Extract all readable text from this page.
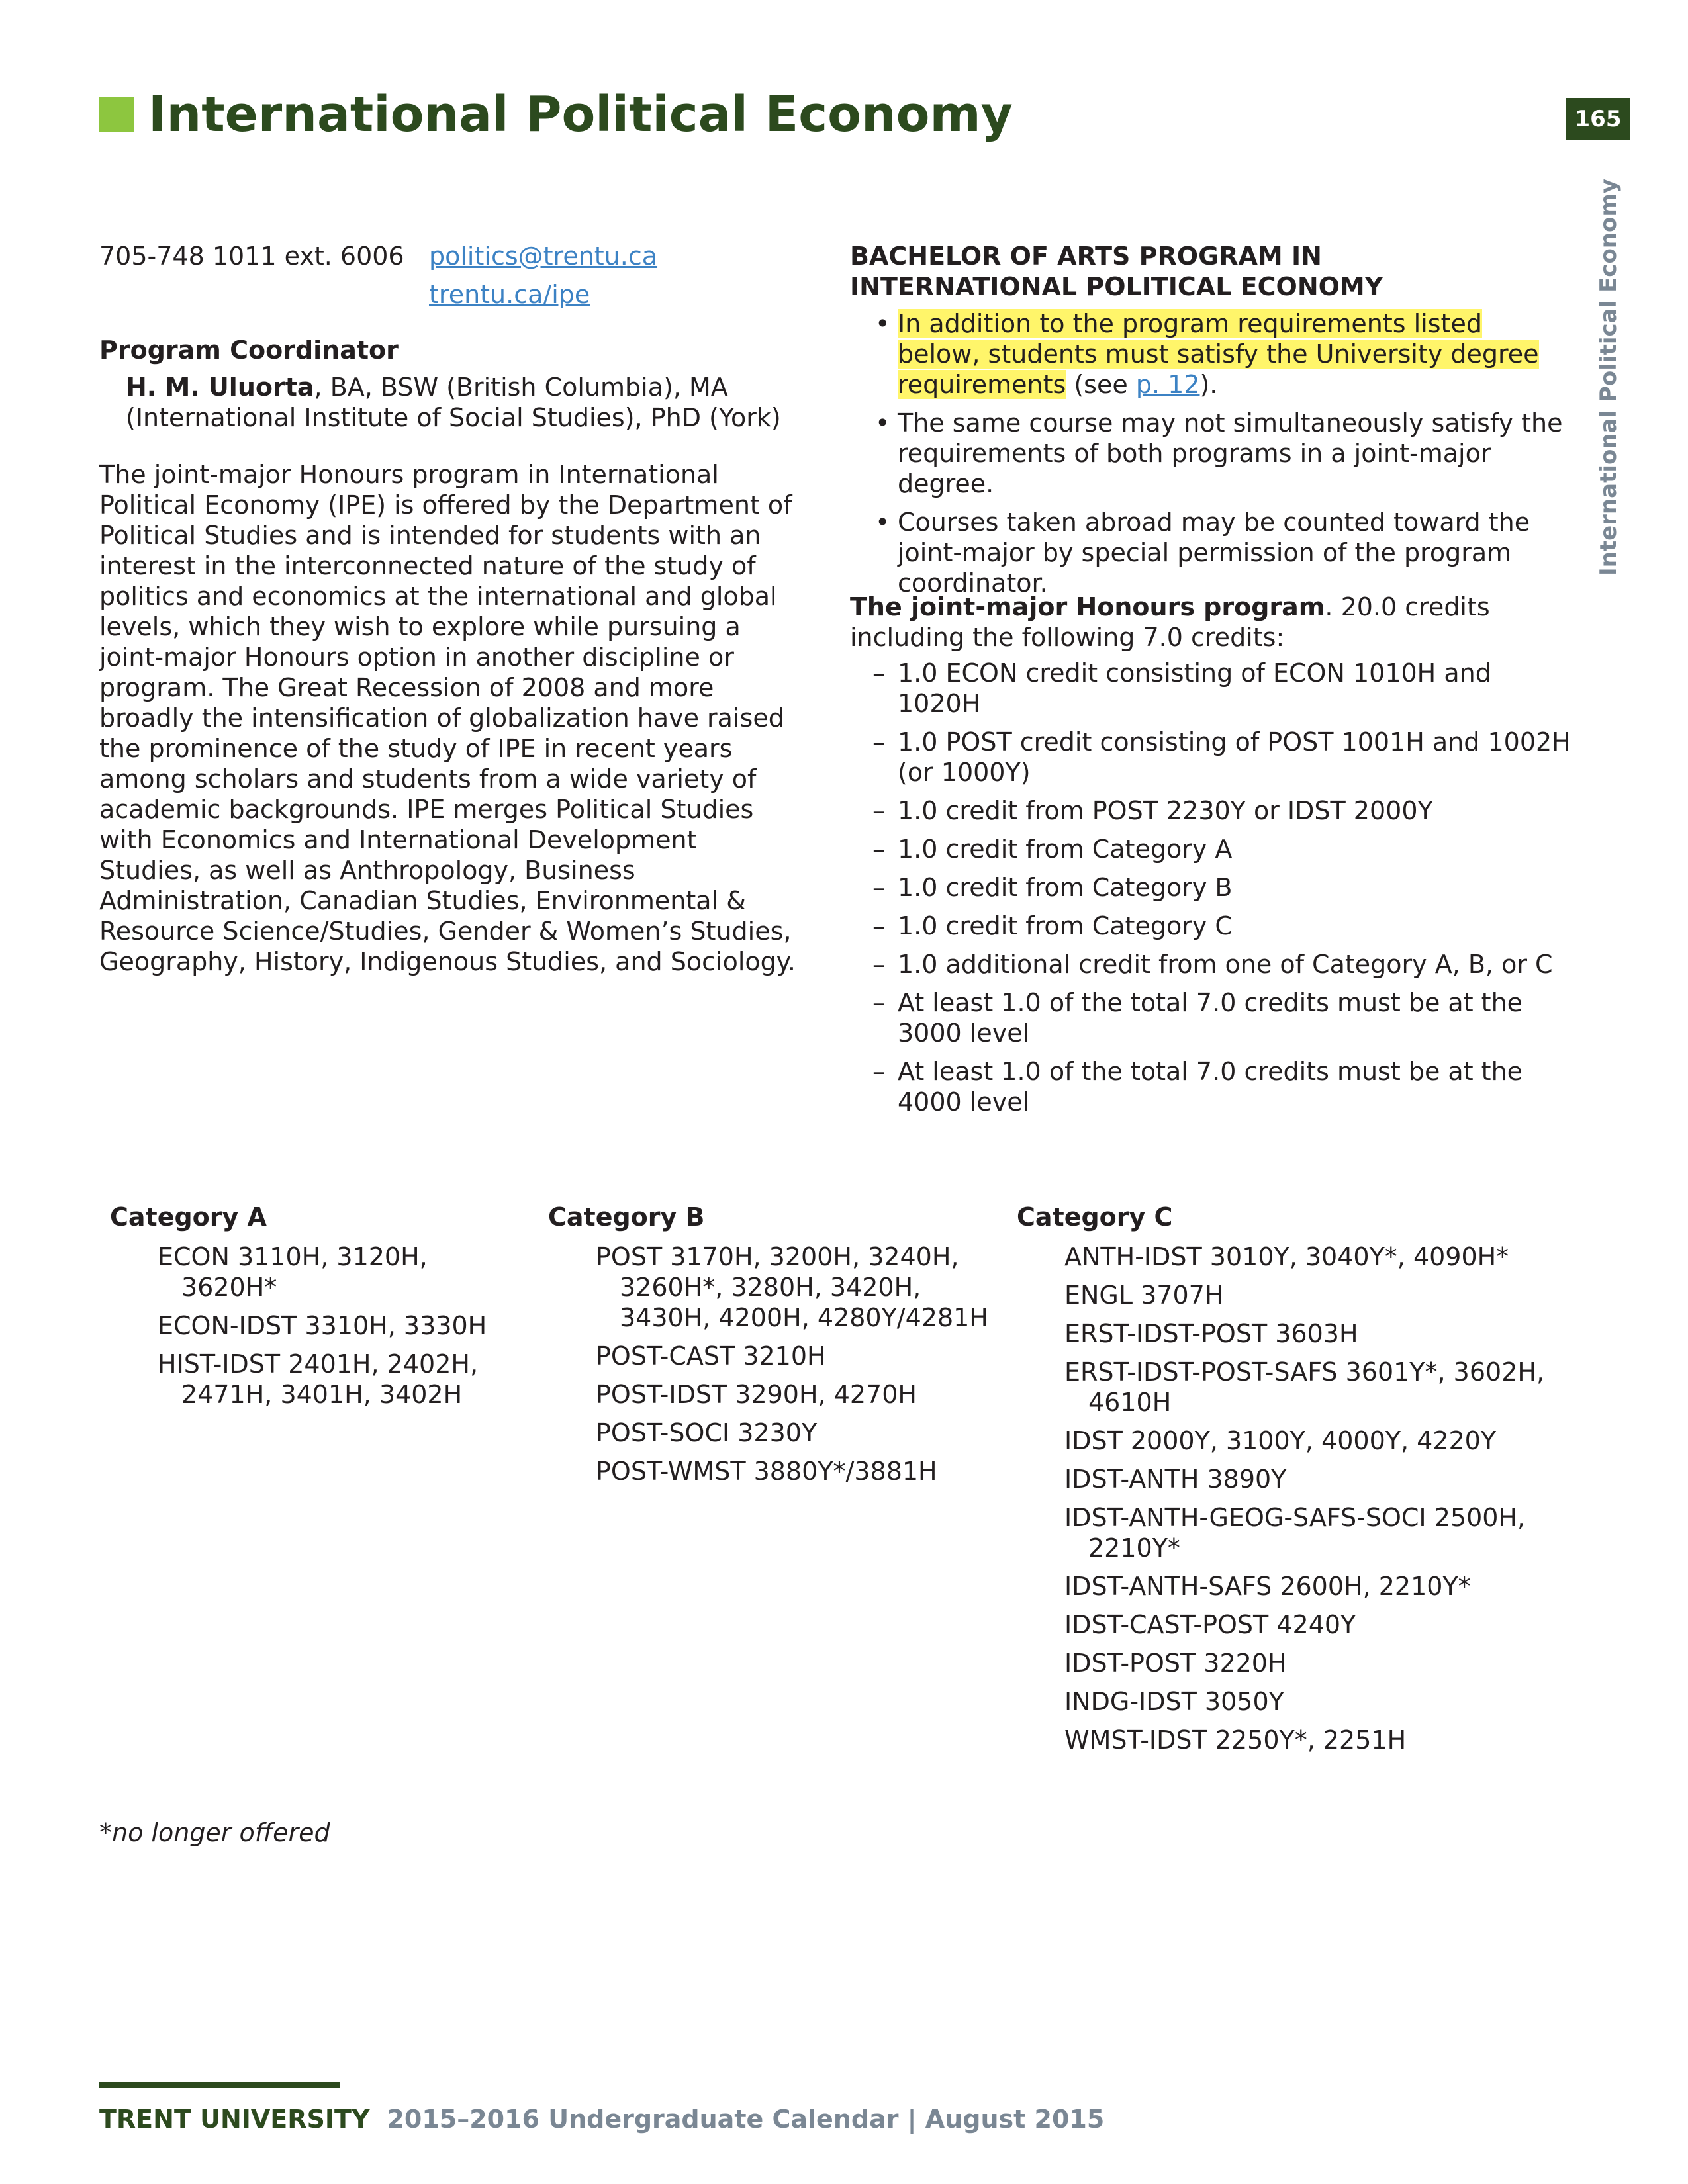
International Political Economy	165
International Political Economy
705-748 1011 ext. 6006 politics@trentu.ca
trentu.ca/ipe
Program Coordinator
H. M. Uluorta, BA, BSW (British Columbia), MA (International Institute of Social Studies), PhD (York)
The joint-major Honours program in International Political Economy (IPE) is offered by the Department of Political Studies and is intended for students with an interest in the interconnected nature of the study of politics and economics at the international and global levels, which they wish to explore while pursuing a joint-major Honours option in another discipline or program. The Great Recession of 2008 and more broadly the intensification of globalization have raised the prominence of the study of IPE in recent years among scholars and students from a wide variety of academic backgrounds. IPE merges Political Studies with Economics and International Development Studies, as well as Anthropology, Business Administration, Canadian Studies, Environmental & Resource Science/Studies, Gender & Women’s Studies, Geography, History, Indigenous Studies, and Sociology.
BACHELOR OF ARTS PROGRAM IN INTERNATIONAL POLITICAL ECONOMY
• In addition to the program requirements listed below, students must satisfy the University degree requirements (see p. 12).
• The same course may not simultaneously satisfy the requirements of both programs in a joint-major degree.
• Courses taken abroad may be counted toward the joint-major by special permission of the program coordinator.
The joint-major Honours program. 20.0 credits including the following 7.0 credits:
– 1.0 ECON credit consisting of ECON 1010H and 1020H
– 1.0 POST credit consisting of POST 1001H and 1002H (or 1000Y)
– 1.0 credit from POST 2230Y or IDST 2000Y
– 1.0 credit from Category A
– 1.0 credit from Category B
– 1.0 credit from Category C
– 1.0 additional credit from one of Category A, B, or C
– At least 1.0 of the total 7.0 credits must be at the 3000 level
– At least 1.0 of the total 7.0 credits must be at the 4000 level
Category A
ECON 3110H, 3120H, 3620H*
ECON-IDST 3310H, 3330H
HIST-IDST 2401H, 2402H, 2471H, 3401H, 3402H
Category B
POST 3170H, 3200H, 3240H, 3260H*, 3280H, 3420H, 3430H, 4200H, 4280Y/4281H
POST-CAST 3210H
POST-IDST 3290H, 4270H
POST-SOCI 3230Y
POST-WMST 3880Y*/3881H
Category C
ANTH-IDST 3010Y, 3040Y*, 4090H*
ENGL 3707H
ERST-IDST-POST 3603H
ERST-IDST-POST-SAFS 3601Y*, 3602H, 4610H
IDST 2000Y, 3100Y, 4000Y, 4220Y
IDST-ANTH 3890Y
IDST-ANTH-GEOG-SAFS-SOCI 2500H, 2210Y*
IDST-ANTH-SAFS 2600H, 2210Y*
IDST-CAST-POST 4240Y
IDST-POST 3220H
INDG-IDST 3050Y
WMST-IDST 2250Y*, 2251H
*no longer offered
TRENT UNIVERSITY 2015–2016 Undergraduate Calendar | August 2015
